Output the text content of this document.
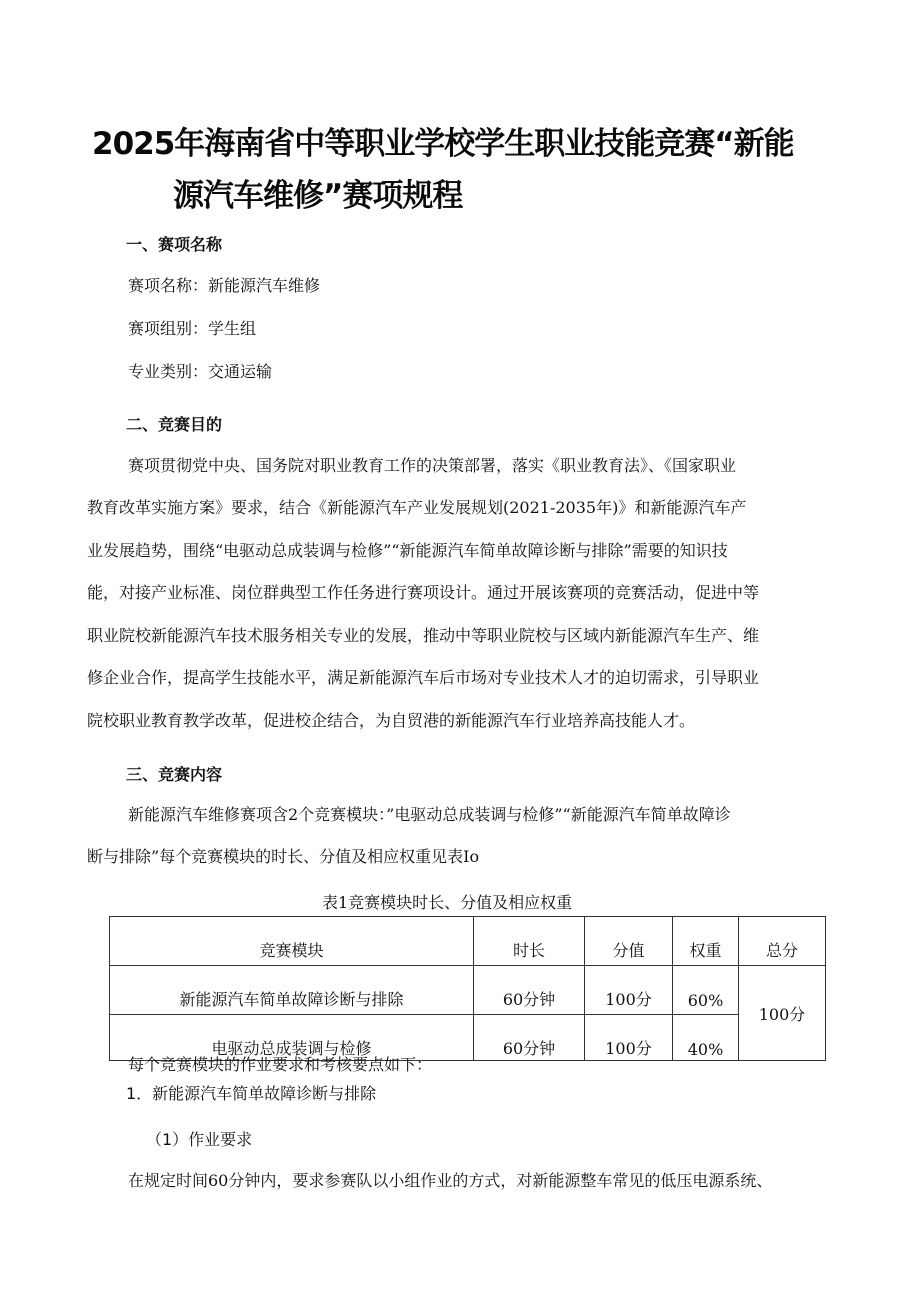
2025年海南省中等职业学校学生职业技能竞赛“新能
源汽车维修”赛项规程
一、赛项名称
赛项名称：新能源汽车维修
赛项组别：学生组
专业类别：交通运输
二、竞赛目的
赛项贯彻党中央、国务院对职业教育工作的决策部署，落实《职业教育法》、《国家职业
教育改革实施方案》要求，结合《新能源汽车产业发展规划(2021-2035年)》和新能源汽车产
业发展趋势，围绕“电驱动总成装调与检修”“新能源汽车简单故障诊断与排除”需要的知识技
能，对接产业标准、岗位群典型工作任务进行赛项设计。通过开展该赛项的竞赛活动，促进中等
职业院校新能源汽车技术服务相关专业的发展，推动中等职业院校与区域内新能源汽车生产、维
修企业合作，提高学生技能水平，满足新能源汽车后市场对专业技术人才的迫切需求，引导职业
院校职业教育教学改革，促进校企结合，为自贸港的新能源汽车行业培养高技能人才。
三、竞赛内容
新能源汽车维修赛项含2个竞赛模块：”电驱动总成装调与检修”“新能源汽车简单故障诊
断与排除”每个竞赛模块的时长、分值及相应权重见表Io
表1竞赛模块时长、分值及相应权重
竞赛模块	时长	分值	权重	总分
新能源汽车简单故障诊断与排除	60分钟	100分	60%	100分
电驱动总成装调与检修	60分钟	100分	40%	
每个竞赛模块的作业要求和考核要点如下：
1．新能源汽车简单故障诊断与排除
（1）作业要求
在规定时间60分钟内，要求参赛队以小组作业的方式，对新能源整车常见的低压电源系统、
